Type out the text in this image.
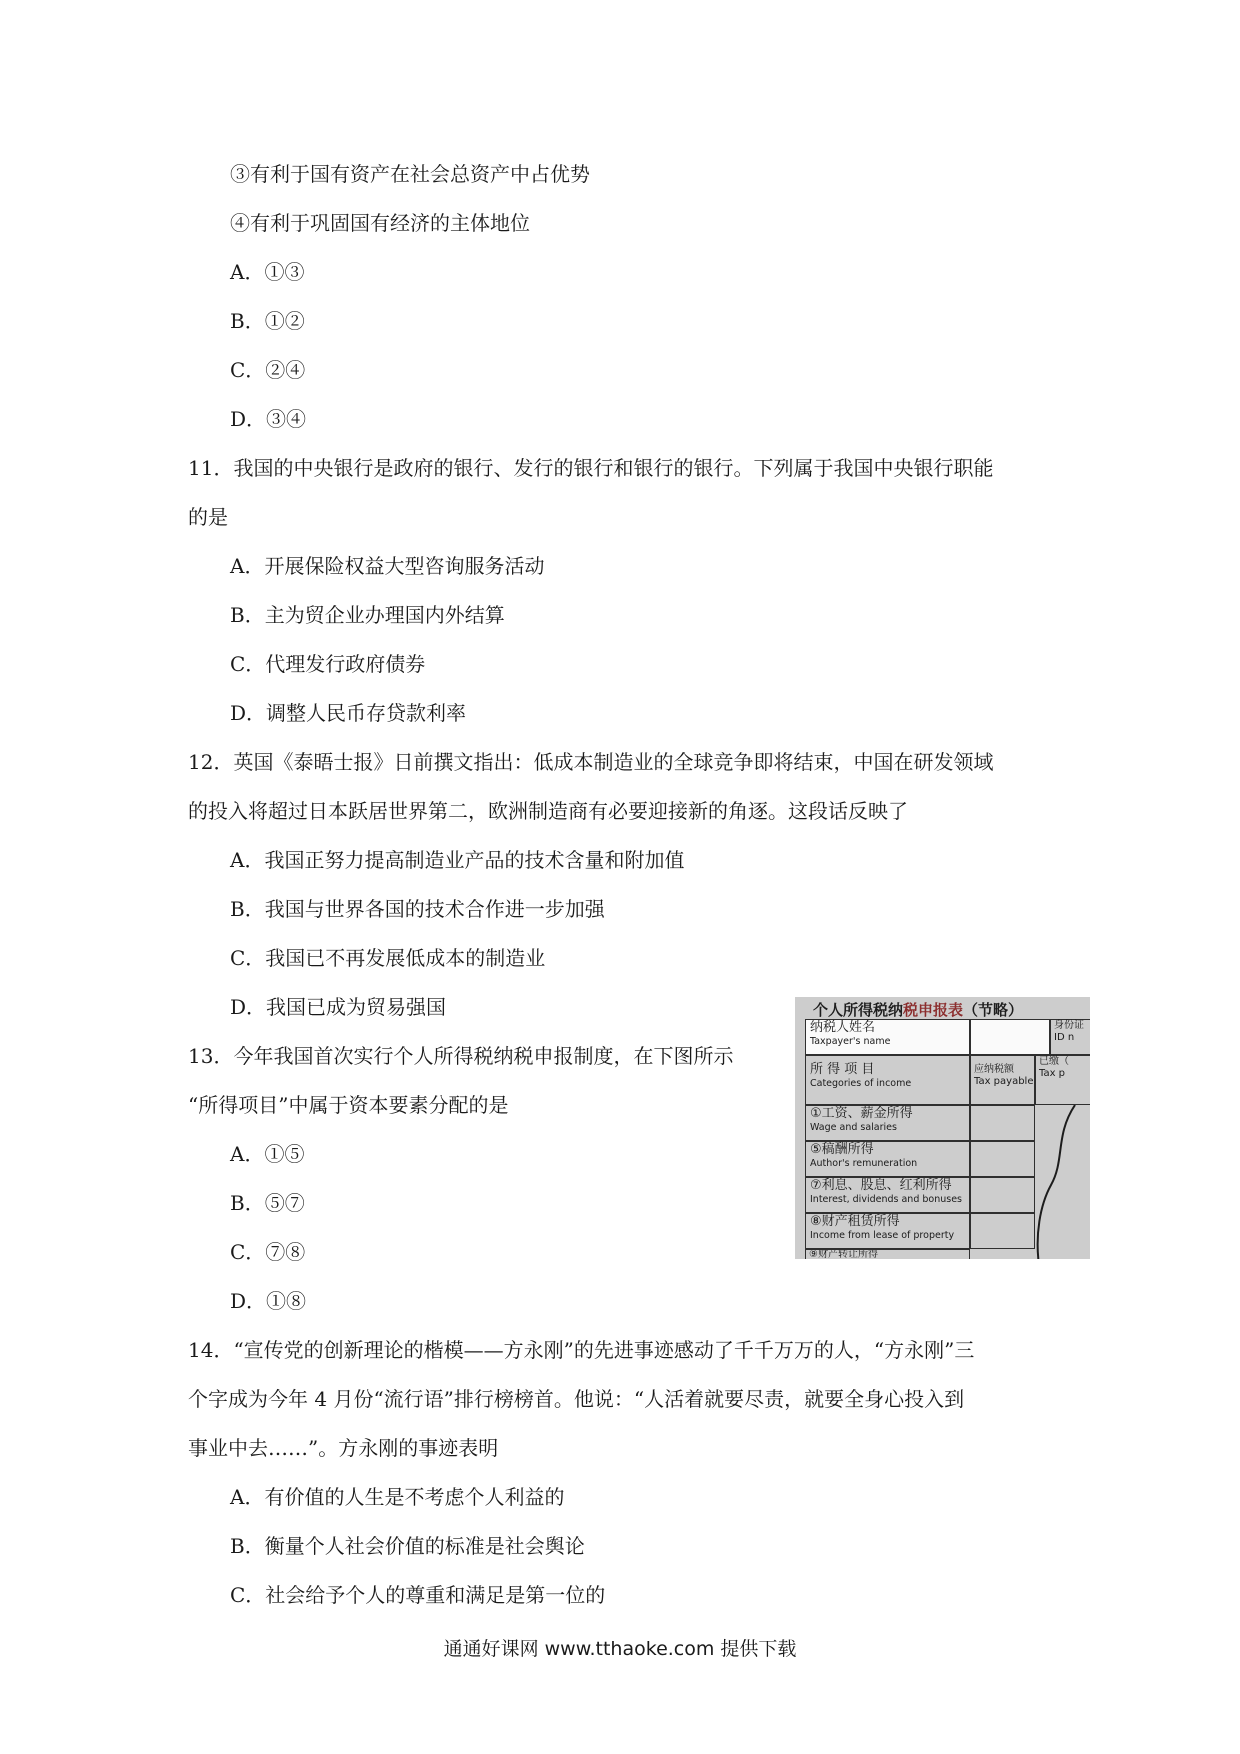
③有利于国有资产在社会总资产中占优势
④有利于巩固国有经济的主体地位
A．①③
B．①②
C．②④
D．③④
11．我国的中央银行是政府的银行、发行的银行和银行的银行。下列属于我国中央银行职能
的是
A．开展保险权益大型咨询服务活动
B．主为贸企业办理国内外结算
C．代理发行政府债券
D．调整人民币存贷款利率
12．英国《泰晤士报》日前撰文指出：低成本制造业的全球竞争即将结束，中国在研发领域
的投入将超过日本跃居世界第二，欧洲制造商有必要迎接新的角逐。这段话反映了
A．我国正努力提高制造业产品的技术含量和附加值
B．我国与世界各国的技术合作进一步加强
C．我国已不再发展低成本的制造业
D．我国已成为贸易强国
13．今年我国首次实行个人所得税纳税申报制度，在下图所示
“所得项目”中属于资本要素分配的是
A．①⑤
B．⑤⑦
C．⑦⑧
D．①⑧
个人所得税纳税申报表（节略）
纳税人姓名
Taxpayer's name
身份证
ID n
所 得 项 目
Categories of income
应纳税额
Tax payable
已缴（
Tax p
①工资、薪金所得
Wage and salaries
⑤稿酬所得
Author's remuneration
⑦利息、股息、红利所得
Interest, dividends and bonuses
⑧财产租赁所得
Income from lease of property
⑨财产转让所得
14．“宣传党的创新理论的楷模——方永刚”的先进事迹感动了千千万万的人，“方永刚”三
个字成为今年 4 月份“流行语”排行榜榜首。他说：“人活着就要尽责，就要全身心投入到
事业中去……”。方永刚的事迹表明
A．有价值的人生是不考虑个人利益的
B．衡量个人社会价值的标准是社会舆论
C．社会给予个人的尊重和满足是第一位的
通通好课网 www.tthaoke.com 提供下载
